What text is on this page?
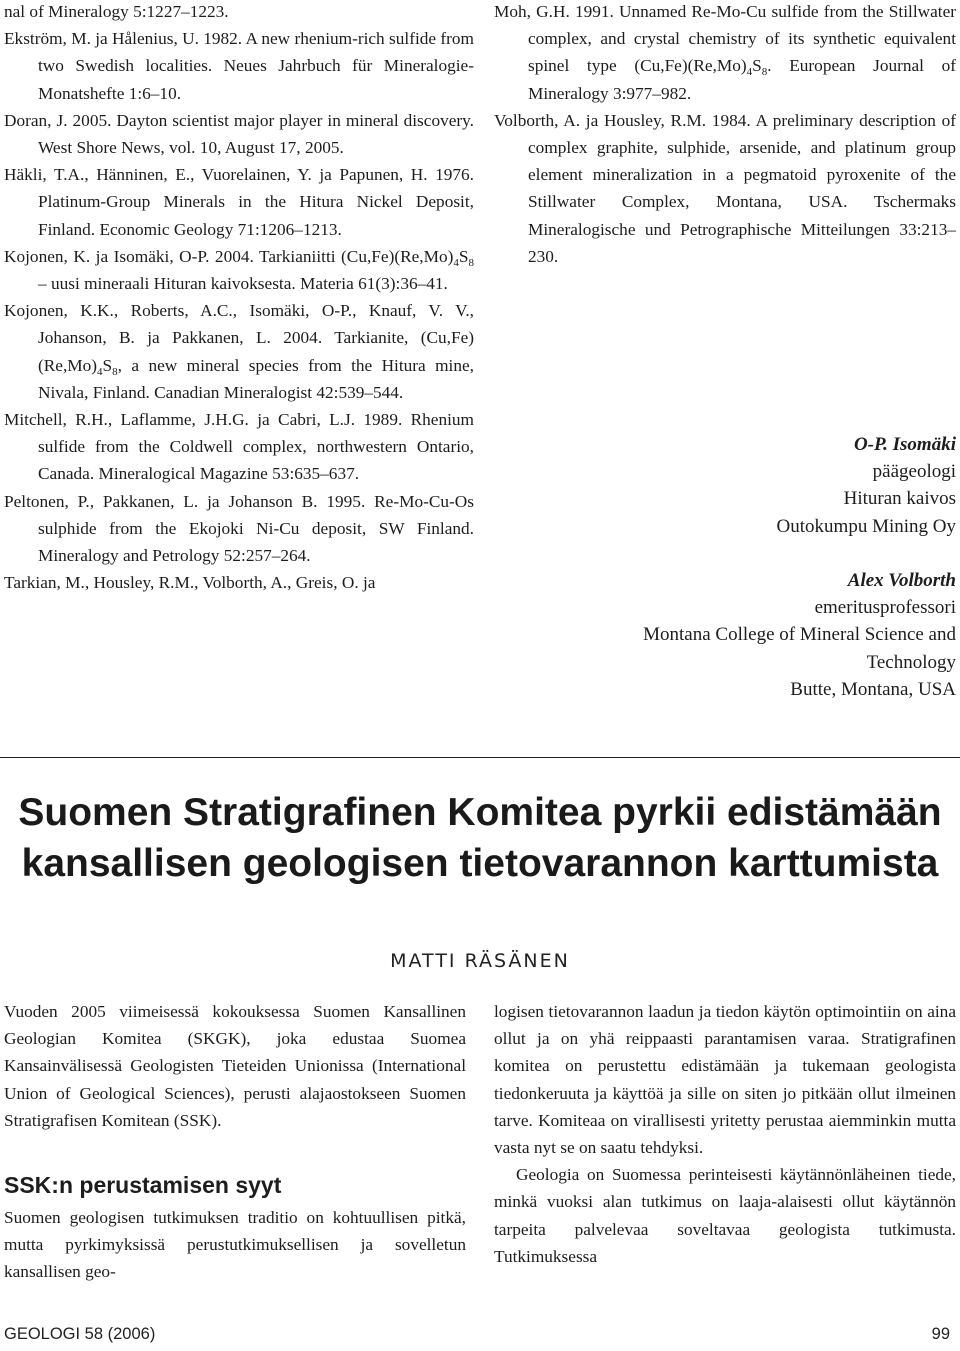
nal of Mineralogy 5:1227–1223.

Ekström, M. ja Hålenius, U. 1982. A new rhenium-rich sulfide from two Swedish localities. Neues Jahrbuch für Mineralogie-Monatshefte 1:6–10.

Doran, J. 2005. Dayton scientist major player in mineral discovery. West Shore News, vol. 10, August 17, 2005.

Häkli, T.A., Hänninen, E., Vuorelainen, Y. ja Papunen, H. 1976. Platinum-Group Minerals in the Hitura Nickel Deposit, Finland. Economic Geology 71:1206–1213.

Kojonen, K. ja Isomäki, O-P. 2004. Tarkianiitti $(Cu,Fe)(Re,Mo)_4S_8$ – uusi mineraali Hituran kaivoksesta. Materia 61(3):36–41.

Kojonen, K.K., Roberts, A.C., Isomäki, O-P., Knauf, V. V., Johanson, B. ja Pakkanen, L. 2004. Tarkianite, $(Cu,Fe)(Re,Mo)_4S_8$, a new mineral species from the Hitura mine, Nivala, Finland. Canadian Mineralogist 42:539–544.

Mitchell, R.H., Laflamme, J.H.G. ja Cabri, L.J. 1989. Rhenium sulfide from the Coldwell complex, northwestern Ontario, Canada. Mineralogical Magazine 53:635–637.

Peltonen, P., Pakkanen, L. ja Johanson B. 1995. Re-Mo-Cu-Os sulphide from the Ekojoki Ni-Cu deposit, SW Finland. Mineralogy and Petrology 52:257–264.

Tarkian, M., Housley, R.M., Volborth, A., Greis, O. ja

Moh, G.H. 1991. Unnamed Re-Mo-Cu sulfide from the Stillwater complex, and crystal chemistry of its synthetic equivalent spinel type $(Cu,Fe)(Re,Mo)_4S_8$. European Journal of Mineralogy 3:977–982.

Volborth, A. ja Housley, R.M. 1984. A preliminary description of complex graphite, sulphide, arsenide, and platinum group element mineralization in a pegmatoid pyroxenite of the Stillwater Complex, Montana, USA. Tschermaks Mineralogische und Petrographische Mitteilungen 33:213–230.

O-P. Isomäki
päägeologi
Hituran kaivos
Outokumpu Mining Oy
Alex Volborth
emeritusprofessori
Montana College of Mineral Science and Technology
Butte, Montana, USA
Suomen Stratigrafinen Komitea pyrkii edistämään kansallisen geologisen tietovarannon karttumista
MATTI RÄSÄNEN

Vuoden 2005 viimeisessä kokouksessa Suomen Kansallinen Geologian Komitea (SKGK), joka edustaa Suomea Kansainvälisessä Geologisten Tieteiden Unionissa (International Union of Geological Sciences), perusti alajaostokseen Suomen Stratigrafisen Komitean (SSK).

SSK:n perustamisen syyt

Suomen geologisen tutkimuksen traditio on kohtuullisen pitkä, mutta pyrkimyksissä perustutkimuksellisen ja sovelletun kansallisen geo-

logisen tietovarannon laadun ja tiedon käytön optimointiin on aina ollut ja on yhä reippaasti parantamisen varaa. Stratigrafinen komitea on perustettu edistämään ja tukemaan geologista tiedonkeruuta ja käyttöä ja sille on siten jo pitkään ollut ilmeinen tarve. Komiteaa on virallisesti yritetty perustaa aiemminkin mutta vasta nyt se on saatu tehdyksi.

Geologia on Suomessa perinteisesti käytännönläheinen tiede, minkä vuoksi alan tutkimus on laaja-alaisesti ollut käytännön tarpeita palvelevaa soveltavaa geologista tutkimusta. Tutkimuksessa

GEOLOGI 58 (2006)	99
